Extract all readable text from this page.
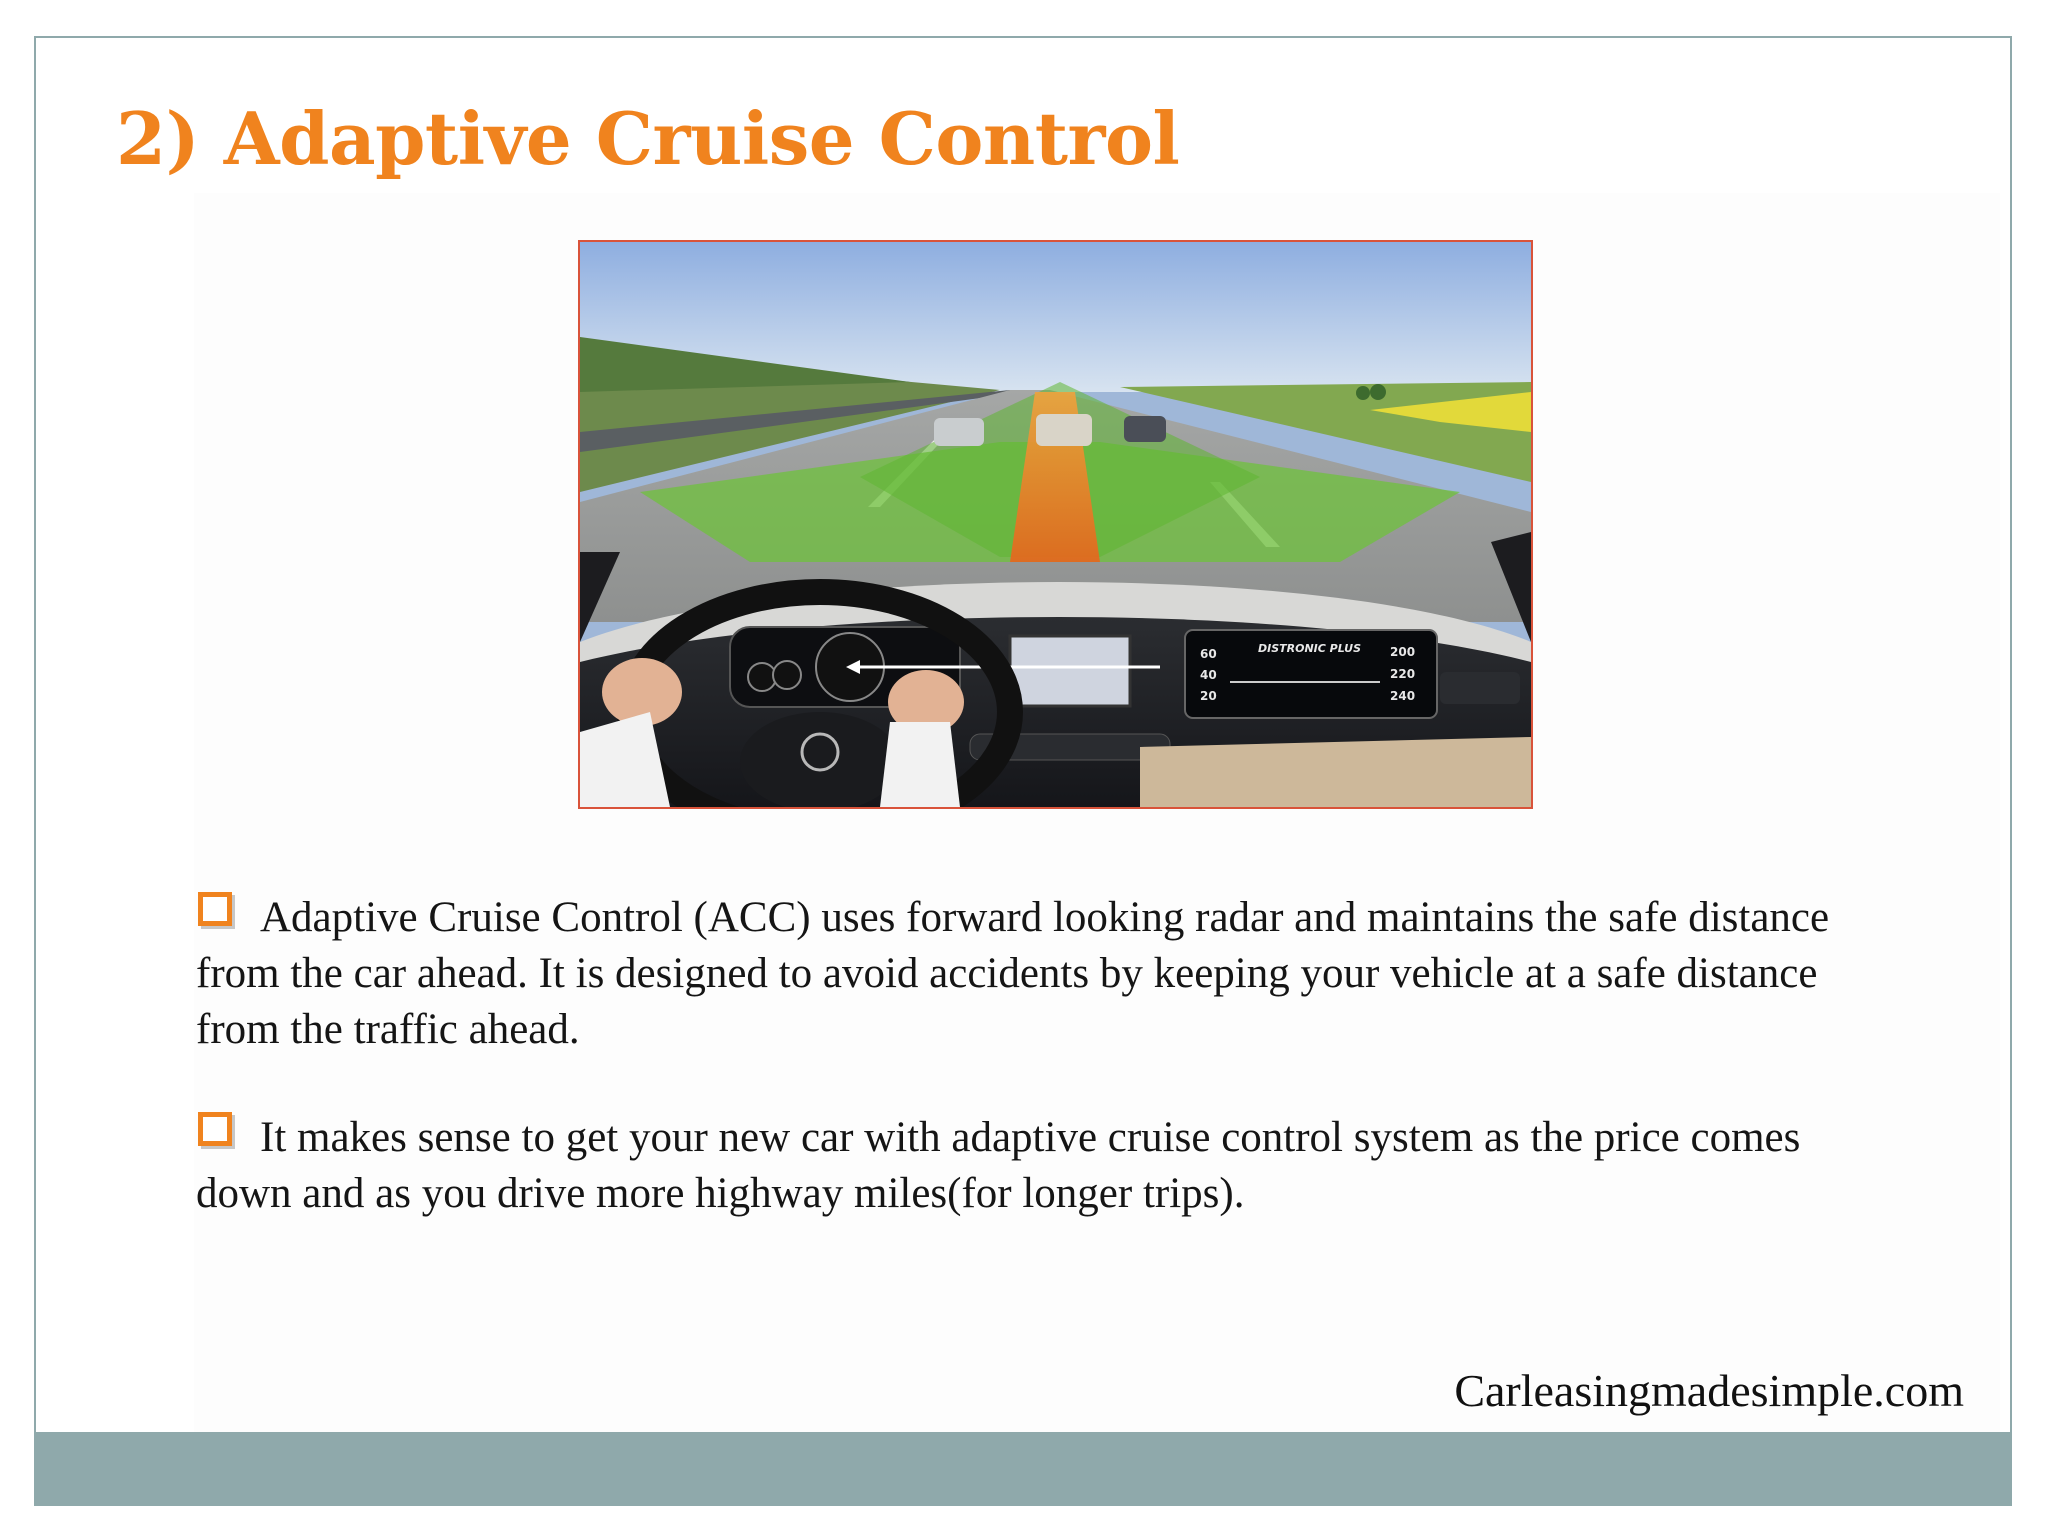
2) Adaptive Cruise Control
DISTRONIC PLUS
60
40
20
200
220
240
Adaptive Cruise Control (ACC) uses forward looking radar and maintains the safe distance from the car ahead. It is designed to avoid accidents by keeping your vehicle at a safe distance from the traffic ahead.
It makes sense to get your new car with adaptive cruise control system as the price comes down and as you drive more highway miles(for longer trips).
Carleasingmadesimple.com
